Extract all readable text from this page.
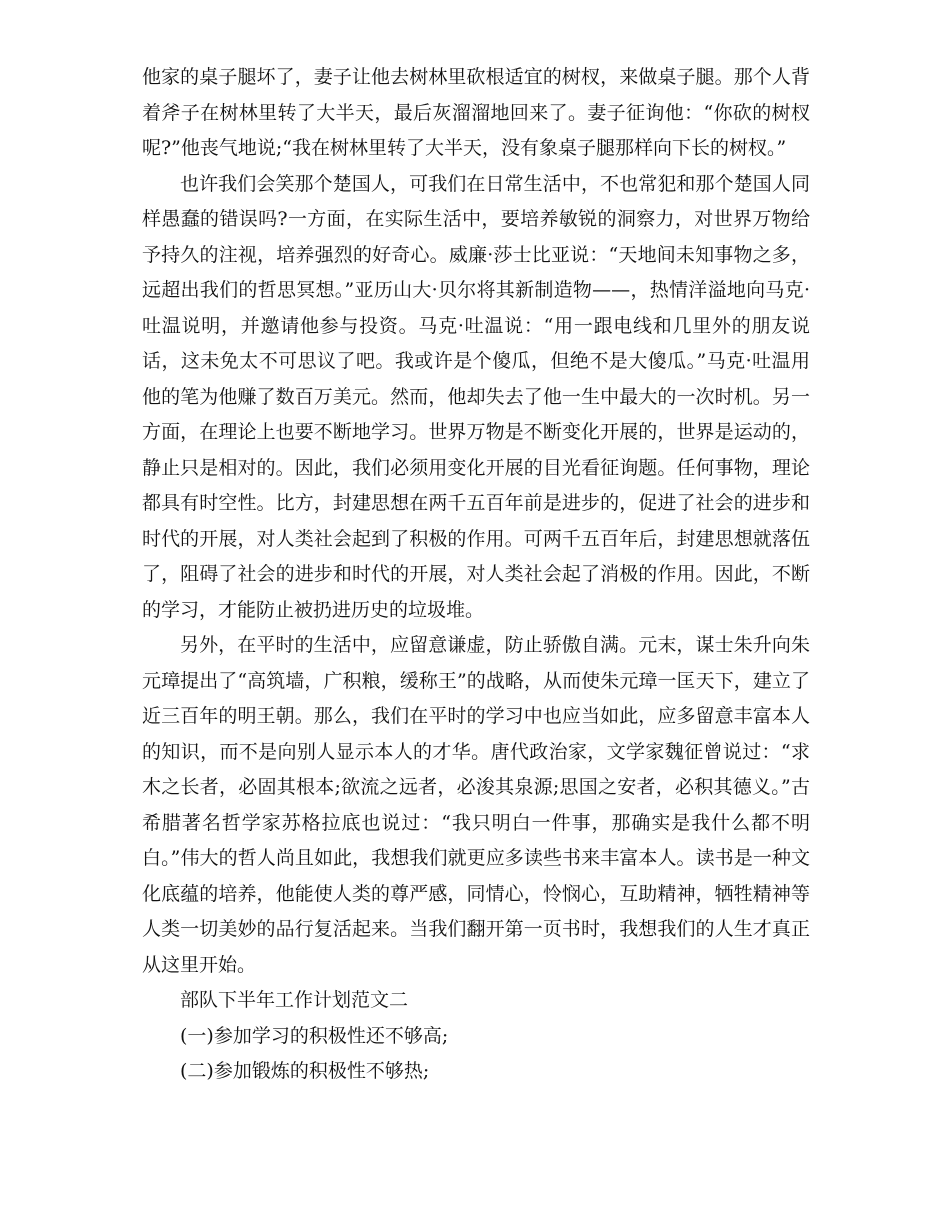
他家的桌子腿坏了，妻子让他去树林里砍根适宜的树杈，来做桌子腿。那个人背着斧子在树林里转了大半天，最后灰溜溜地回来了。妻子征询他：“你砍的树杈呢?”他丧气地说;“我在树林里转了大半天，没有象桌子腿那样向下长的树杈。”

也许我们会笑那个楚国人，可我们在日常生活中，不也常犯和那个楚国人同样愚蠢的错误吗?一方面，在实际生活中，要培养敏锐的洞察力，对世界万物给予持久的注视，培养强烈的好奇心。威廉·莎士比亚说：“天地间未知事物之多，远超出我们的哲思冥想。”亚历山大·贝尔将其新制造物——，热情洋溢地向马克·吐温说明，并邀请他参与投资。马克·吐温说：“用一跟电线和几里外的朋友说话，这未免太不可思议了吧。我或许是个傻瓜，但绝不是大傻瓜。”马克·吐温用他的笔为他赚了数百万美元。然而，他却失去了他一生中最大的一次时机。另一方面，在理论上也要不断地学习。世界万物是不断变化开展的，世界是运动的，静止只是相对的。因此，我们必须用变化开展的目光看征询题。任何事物，理论都具有时空性。比方，封建思想在两千五百年前是进步的，促进了社会的进步和时代的开展，对人类社会起到了积极的作用。可两千五百年后，封建思想就落伍了，阻碍了社会的进步和时代的开展，对人类社会起了消极的作用。因此，不断的学习，才能防止被扔进历史的垃圾堆。

另外，在平时的生活中，应留意谦虚，防止骄傲自满。元末，谋士朱升向朱元璋提出了“高筑墙，广积粮，缓称王”的战略，从而使朱元璋一匡天下，建立了近三百年的明王朝。那么，我们在平时的学习中也应当如此，应多留意丰富本人的知识，而不是向别人显示本人的才华。唐代政治家，文学家魏征曾说过：“求木之长者，必固其根本;欲流之远者，必浚其泉源;思国之安者，必积其德义。”古希腊著名哲学家苏格拉底也说过：“我只明白一件事，那确实是我什么都不明白。”伟大的哲人尚且如此，我想我们就更应多读些书来丰富本人。读书是一种文化底蕴的培养，他能使人类的尊严感，同情心，怜悯心，互助精神，牺牲精神等人类一切美妙的品行复活起来。当我们翻开第一页书时，我想我们的人生才真正从这里开始。

部队下半年工作计划范文二

(一)参加学习的积极性还不够高;

(二)参加锻炼的积极性不够热;
